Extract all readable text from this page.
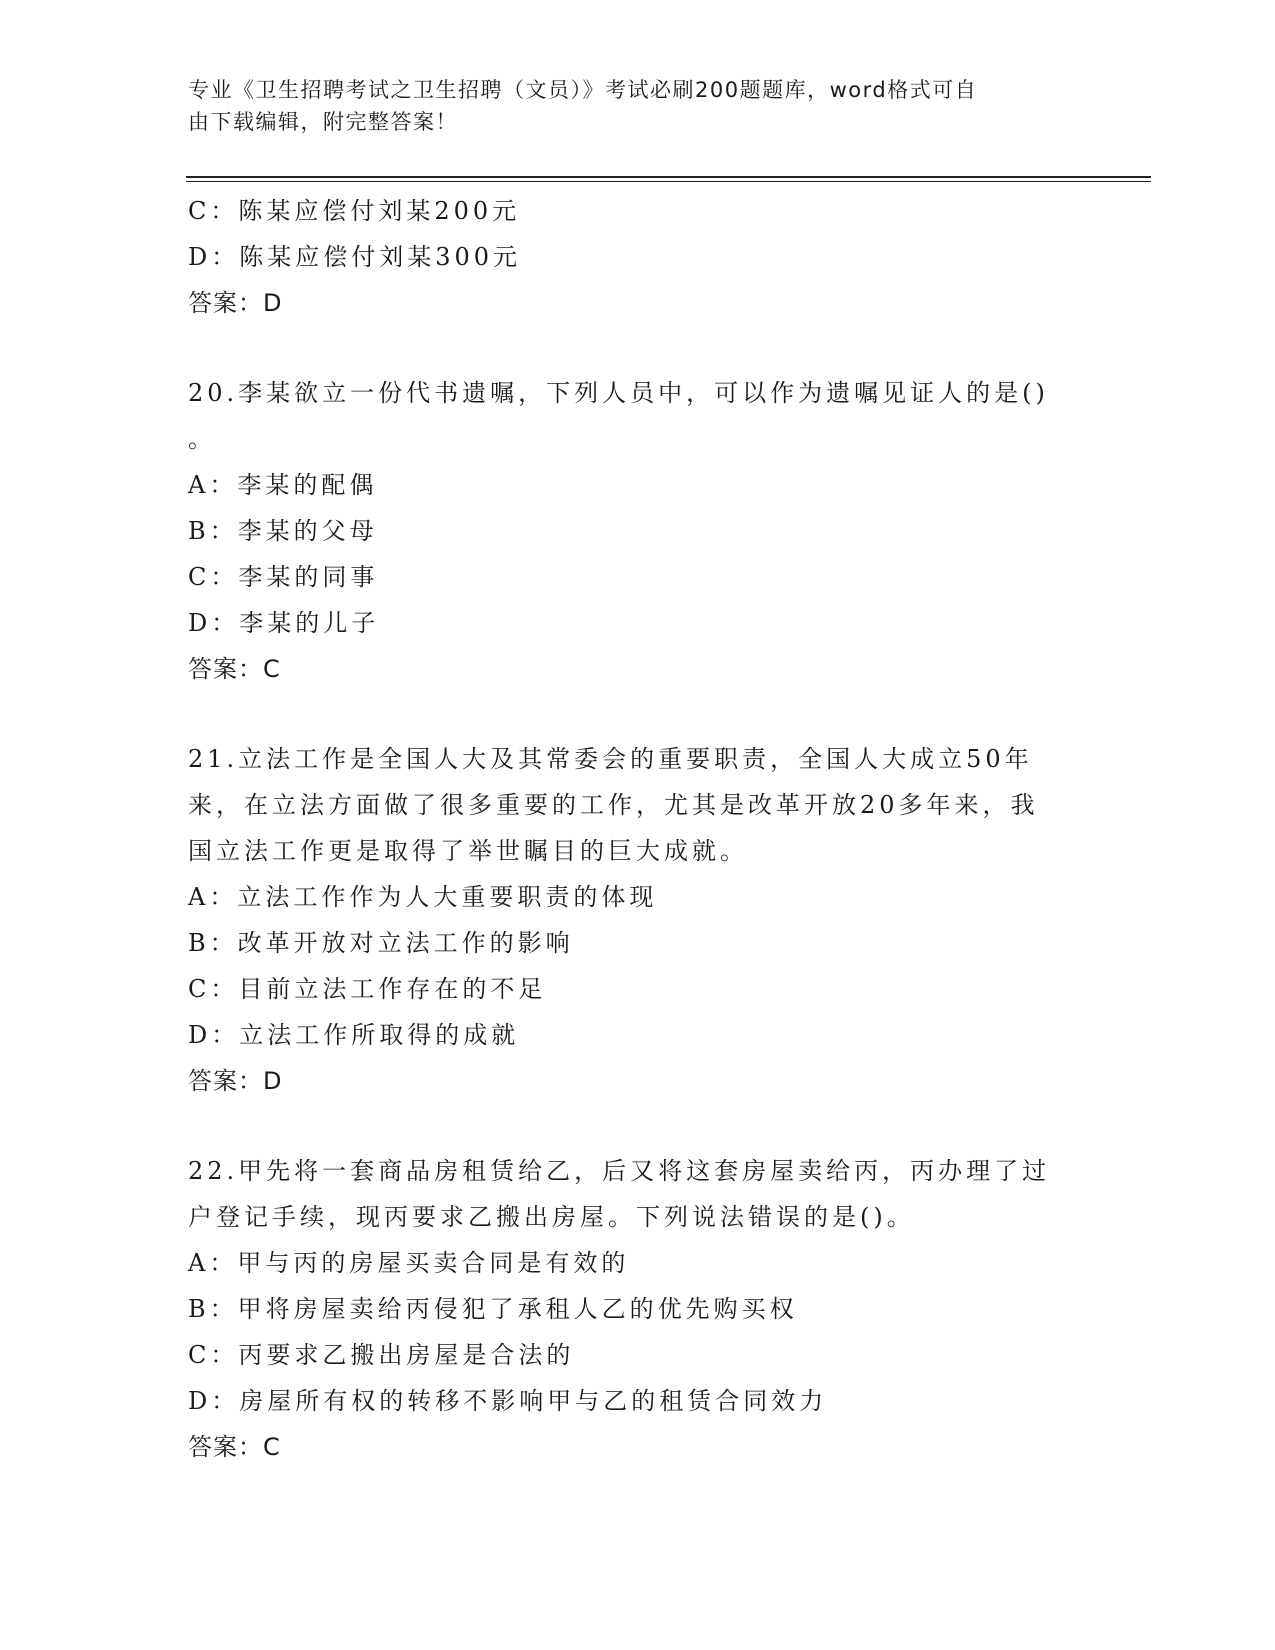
专业《卫生招聘考试之卫生招聘（文员）》考试必刷200题题库，word格式可自
由下载编辑，附完整答案！
C：陈某应偿付刘某200元
D：陈某应偿付刘某300元
答案：D
20.李某欲立一份代书遗嘱，下列人员中，可以作为遗嘱见证人的是()
。
A：李某的配偶
B：李某的父母
C：李某的同事
D：李某的儿子
答案：C
21.立法工作是全国人大及其常委会的重要职责，全国人大成立50年
来，在立法方面做了很多重要的工作，尤其是改革开放20多年来，我
国立法工作更是取得了举世瞩目的巨大成就。
A：立法工作作为人大重要职责的体现
B：改革开放对立法工作的影响
C：目前立法工作存在的不足
D：立法工作所取得的成就
答案：D
22.甲先将一套商品房租赁给乙，后又将这套房屋卖给丙，丙办理了过
户登记手续，现丙要求乙搬出房屋。下列说法错误的是()。
A：甲与丙的房屋买卖合同是有效的
B：甲将房屋卖给丙侵犯了承租人乙的优先购买权
C：丙要求乙搬出房屋是合法的
D：房屋所有权的转移不影响甲与乙的租赁合同效力
答案：C
